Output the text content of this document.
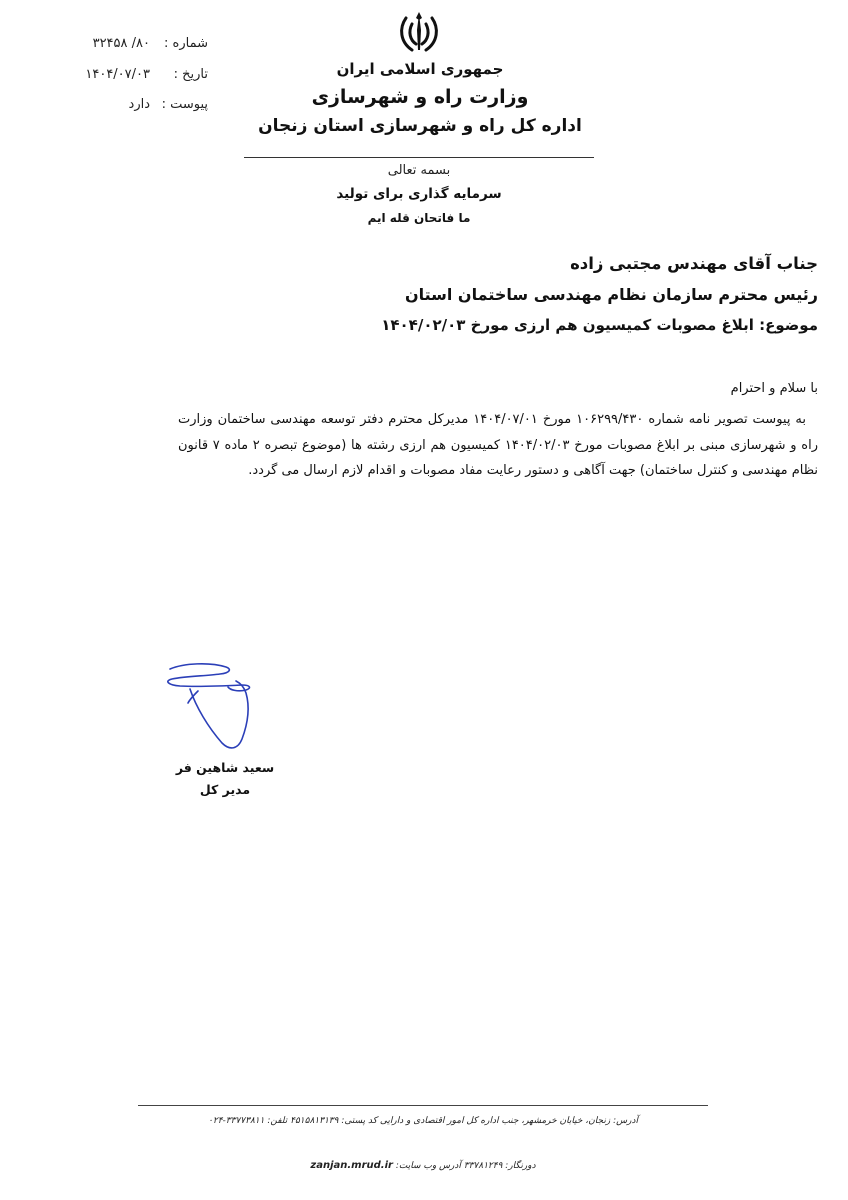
جمهوری اسلامی ایران
وزارت راه و شهرسازی
اداره کل راه و شهرسازی استان زنجان
شماره :
۸۰/ ۳۲۴۵۸
تاریخ :
۱۴۰۴/۰۷/۰۳
پیوست :
دارد
بسمه تعالی
سرمایه گذاری برای تولید
ما فاتحان قله ایم
جناب آقای مهندس مجتبی زاده
رئیس محترم سازمان نظام مهندسی ساختمان استان
موضوع: ابلاغ مصوبات کمیسیون هم ارزی مورخ ۱۴۰۴/۰۲/۰۳
با سلام و احترام
به پیوست تصویر نامه شماره ۱۰۶۲۹۹/۴۳۰ مورخ ۱۴۰۴/۰۷/۰۱ مدیرکل محترم دفتر توسعه مهندسی ساختمان وزارت راه و شهرسازی مبنی بر ابلاغ مصوبات مورخ ۱۴۰۴/۰۲/۰۳ کمیسیون هم ارزی رشته ها (موضوع تبصره ۲ ماده ۷ قانون نظام مهندسی و کنترل ساختمان) جهت آگاهی و دستور رعایت مفاد مصوبات و اقدام لازم ارسال می گردد.
سعید شاهین فر
مدیر کل
آدرس: زنجان، خیابان خرمشهر، جنب اداره کل امور اقتصادی و دارایی کد پستی: ۴۵۱۵۸۱۳۱۳۹ تلفن: ۳۳۷۷۳۸۱۱-۰۲۴
دورنگار: ۳۳۷۸۱۲۴۹ آدرس وب سایت: zanjan.mrud.ir
